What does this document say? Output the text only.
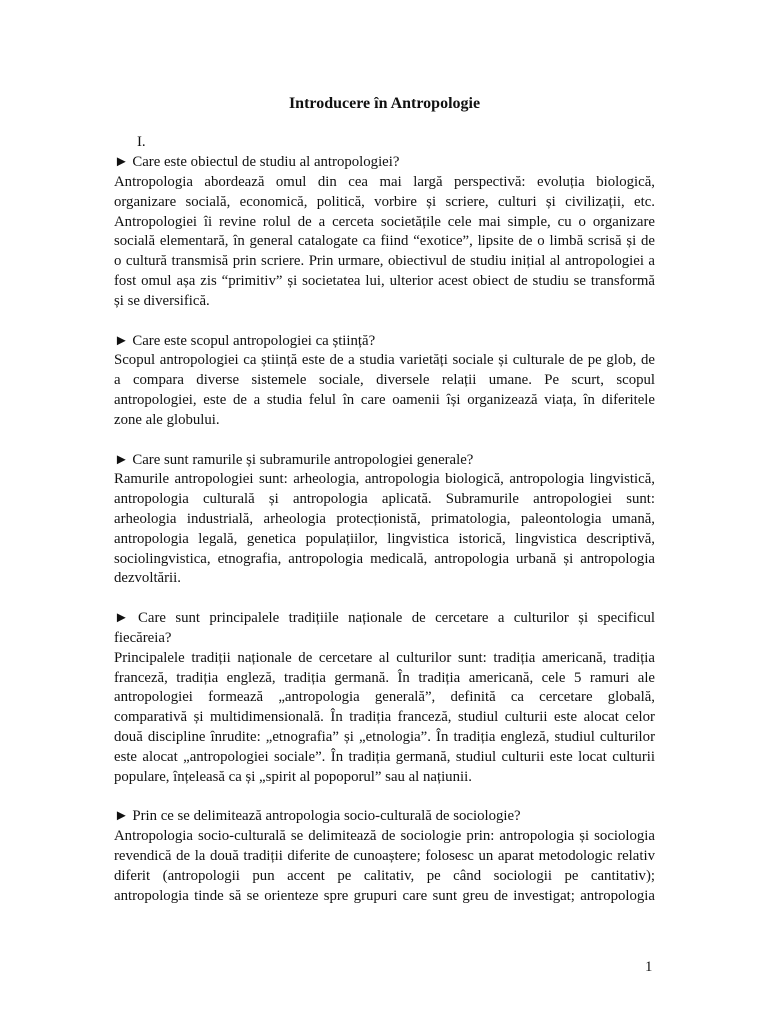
Introducere în Antropologie
I.
► Care este obiectul de studiu al antropologiei?
Antropologia abordează omul din cea mai largă perspectivă: evoluția biologică,
organizare socială, economică, politică, vorbire și scriere, culturi și civilizații, etc.
Antropologiei îi revine rolul de a cerceta societățile cele mai simple, cu o organizare
socială elementară, în general catalogate ca fiind “exotice”, lipsite de o limbă scrisă și de
o cultură transmisă prin scriere. Prin urmare, obiectivul de studiu inițial al antropologiei a
fost omul așa zis “primitiv” și societatea lui, ulterior acest obiect de studiu se transformă
și se diversifică.
► Care este scopul antropologiei ca știință?
Scopul antropologiei ca știință este de a studia varietăți sociale și culturale de pe glob, de
a compara diverse sistemele sociale, diversele relații umane. Pe scurt, scopul
antropologiei, este de a studia felul în care oamenii își organizează viața, în diferitele
zone ale globului.
► Care sunt ramurile și subramurile antropologiei generale?
Ramurile antropologiei sunt: arheologia, antropologia biologică, antropologia lingvistică,
antropologia culturală și antropologia aplicată. Subramurile antropologiei sunt:
arheologia industrială, arheologia protecționistă, primatologia, paleontologia umană,
antropologia legală, genetica populațiilor, lingvistica istorică, lingvistica descriptivă,
sociolingvistica, etnografia, antropologia medicală, antropologia urbană și antropologia
dezvoltării.
► Care sunt principalele tradițiile naționale de cercetare a culturilor și specificul
fiecăreia?
Principalele tradiții naționale de cercetare al culturilor sunt: tradiția americană, tradiția
franceză, tradiția engleză, tradiția germană. În tradiția americană, cele 5 ramuri ale
antropologiei formează „antropologia generală”, definită ca cercetare globală,
comparativă și multidimensională. În tradiția franceză, studiul culturii este alocat celor
două discipline înrudite: „etnografia” și „etnologia”. În tradiția engleză, studiul culturilor
este alocat „antropologiei sociale”. În tradiția germană, studiul culturii este locat culturii
populare, înțeleasă ca și „spirit al popoporul” sau al națiunii.
► Prin ce se delimitează antropologia socio-culturală de sociologie?
Antropologia socio-culturală se delimitează de sociologie prin: antropologia și sociologia
revendică de la două tradiții diferite de cunoaștere; folosesc un aparat metodologic relativ
diferit (antropologii pun accent pe calitativ, pe când sociologii pe cantitativ);
antropologia tinde să se orienteze spre grupuri care sunt greu de investigat; antropologia
1
